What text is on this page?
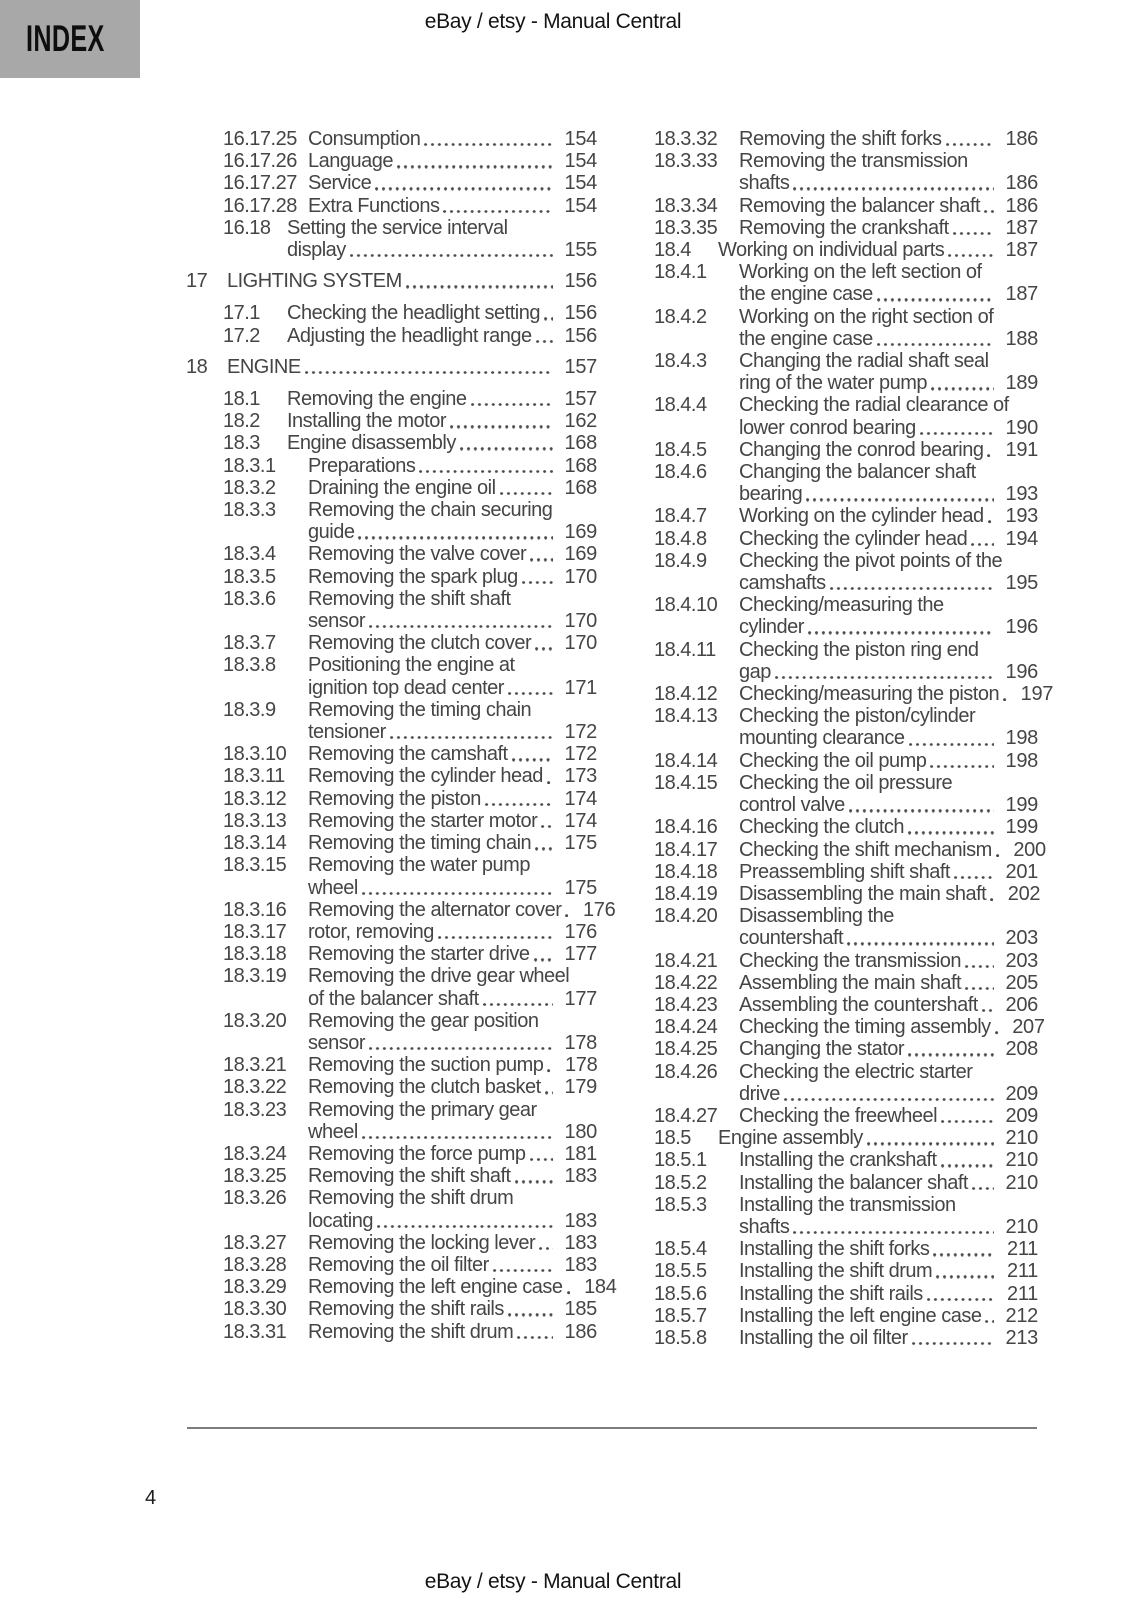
INDEX	eBay / etsy - Manual Central
16.17.25 Consumption	154
16.17.26 Language	154
16.17.27 Service	154
16.17.28 Extra Functions	154
16.18 Setting the service interval
display	155
17 LIGHTING SYSTEM	156
17.1	Checking the headlight setting 156
17.2	Adjusting the headlight range 156
18 ENGINE	157
18.1	Removing the engine	157
18.2	Installing the motor	162
18.3	Engine disassembly	168
18.3.1	Preparations	168
18.3.2	Draining the engine oil	168
18.3.3	Removing the chain securing
guide	169
18.3.4	Removing the valve cover 169
18.3.5	Removing the spark plug 170
18.3.6	Removing the shift shaft
sensor	170
18.3.7	Removing the clutch cover 170
18.3.8	Positioning the engine at
ignition top dead center	171
18.3.9	Removing the timing chain
tensioner	172
18.3.10	Removing the camshaft	172
18.3.11	Removing the cylinder head 173
18.3.12	Removing the piston	174
18.3.13	Removing the starter motor 174
18.3.14	Removing the timing chain 175
18.3.15	Removing the water pump
wheel	175
18.3.16	Removing the alternator cover 176
18.3.17	rotor, removing	176
18.3.18	Removing the starter drive 177
18.3.19	Removing the drive gear wheel
of the balancer shaft	177
18.3.20	Removing the gear position
sensor	178
18.3.21	Removing the suction pump 178
18.3.22	Removing the clutch basket 179
18.3.23	Removing the primary gear
wheel	180
18.3.24	Removing the force pump 181
18.3.25	Removing the shift shaft	183
18.3.26	Removing the shift drum
locating	183
18.3.27	Removing the locking lever 183
18.3.28	Removing the oil filter	183
18.3.29	Removing the left engine case 184
18.3.30	Removing the shift rails	185
18.3.31	Removing the shift drum	186
18.3.32	Removing the shift forks	186
18.3.33	Removing the transmission
shafts	186
18.3.34	Removing the balancer shaft 186
18.3.35	Removing the crankshaft	187
18.4	Working on individual parts	187
18.4.1	Working on the left section of
the engine case	187
18.4.2	Working on the right section of
the engine case	188
18.4.3	Changing the radial shaft seal
ring of the water pump	189
18.4.4	Checking the radial clearance of
lower conrod bearing	190
18.4.5	Changing the conrod bearing 191
18.4.6	Changing the balancer shaft
bearing	193
18.4.7	Working on the cylinder head 193
18.4.8	Checking the cylinder head 194
18.4.9	Checking the pivot points of the
camshafts	195
18.4.10	Checking/measuring the
cylinder	196
18.4.11	Checking the piston ring end
gap	196
18.4.12	Checking/measuring the piston 197
18.4.13	Checking the piston/cylinder
mounting clearance	198
18.4.14	Checking the oil pump	198
18.4.15	Checking the oil pressure
control valve	199
18.4.16	Checking the clutch	199
18.4.17	Checking the shift mechanism 200
18.4.18	Preassembling shift shaft	201
18.4.19	Disassembling the main shaft 202
18.4.20	Disassembling the
countershaft	203
18.4.21	Checking the transmission 203
18.4.22	Assembling the main shaft 205
18.4.23	Assembling the countershaft 206
18.4.24	Checking the timing assembly 207
18.4.25	Changing the stator	208
18.4.26	Checking the electric starter
drive	209
18.4.27	Checking the freewheel	209
18.5	Engine assembly	210
18.5.1	Installing the crankshaft	210
18.5.2	Installing the balancer shaft 210
18.5.3	Installing the transmission
shafts	210
18.5.4	Installing the shift forks	211
18.5.5	Installing the shift drum	211
18.5.6	Installing the shift rails	211
18.5.7	Installing the left engine case 212
18.5.8	Installing the oil filter	213
4
eBay / etsy - Manual Central
